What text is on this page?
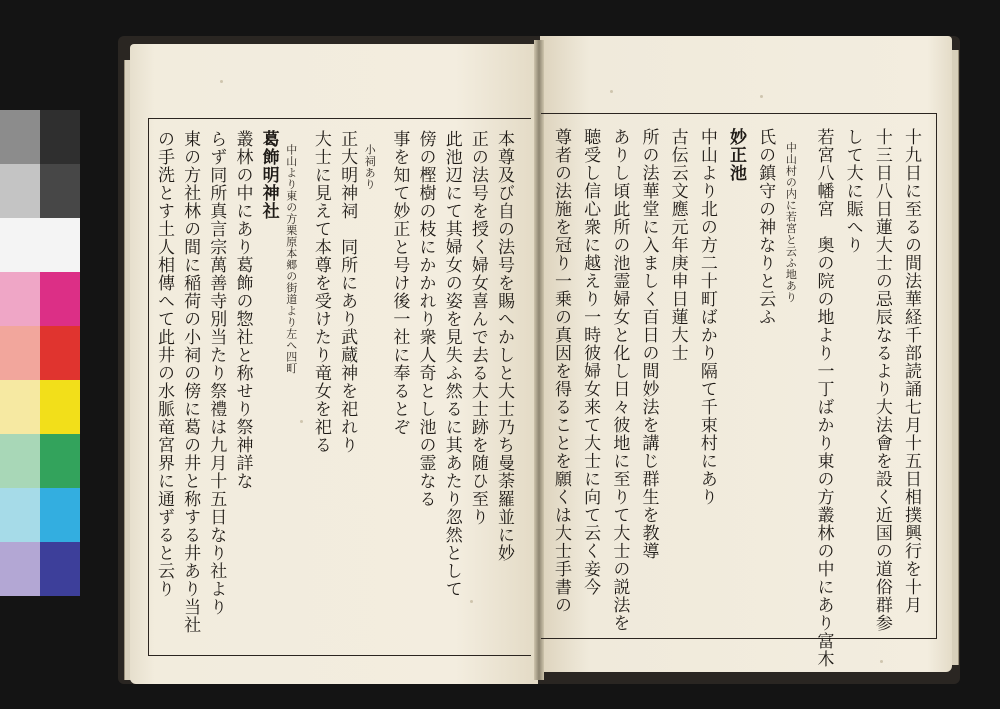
十九日に至るの間法華経千部読誦七月十五日相撲興行を十月
十三日八日蓮大士の忌辰なるより大法會を設く近国の道俗群参
して大に賑へり
若宮八幡宮　奥の院の地より一丁ばかり東の方叢林の中にあり富木
中山村の内に若宮と云ふ地あり
氏の鎮守の神なりと云ふ
妙正池
中山より北の方二十町ばかり隔て千束村にあり
古伝云文應元年庚申日蓮大士
所の法華堂に入ましく百日の間妙法を講じ群生を教導
ありし頃此所の池霊婦女と化し日々彼地に至りて大士の説法を
聴受し信心衆に越えり一時彼婦女来て大士に向て云く妾今
尊者の法施を冠り一乗の真因を得ることを願くは大士手書の
本尊及び自の法号を賜へかしと大士乃ち曼荼羅並に妙
正の法号を授く婦女喜んで去る大士跡を随ひ至り
此池辺にて其婦女の姿を見失ふ然るに其あたり忽然として
傍の樫樹の枝にかかれり衆人奇とし池の霊なる
事を知て妙正と号け後一社に奉るとぞ
小祠あり
正大明神祠　同所にあり武蔵神を祀れり
大士に見えて本尊を受けたり竜女を祀る
中山より東の方栗原本郷の街道より左へ四町
葛飾明神社
叢林の中にあり葛飾の惣社と称せり祭神詳な
らず同所真言宗萬善寺別当たり祭禮は九月十五日なり社より
東の方社林の間に稲荷の小祠の傍に葛の井と称する井あり当社
の手洗とす土人相傳へて此井の水脈竜宮界に通ずると云り
